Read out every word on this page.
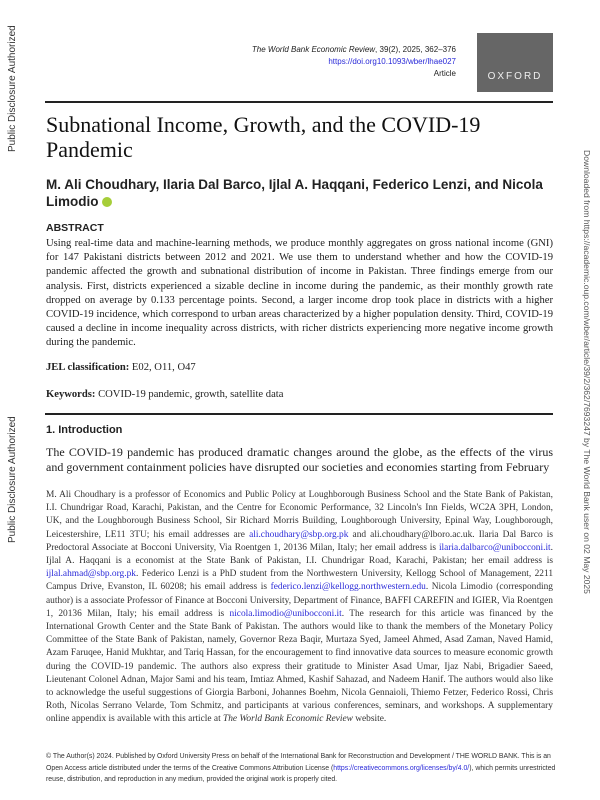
Public Disclosure Authorized
Public Disclosure Authorized	Downloaded from https://academic.oup.com/wber/article/39/2/362/7693247 by The World Bank user on 02 May 2025
The World Bank Economic Review, 39(2), 2025, 362–376
https://doi.org10.1093/wber/lhae027
Article	OXFORD
Subnational Income, Growth, and the COVID-19 Pandemic
M. Ali Choudhary, Ilaria Dal Barco, Ijlal A. Haqqani, Federico Lenzi, and Nicola Limodio
ABSTRACT
Using real-time data and machine-learning methods, we produce monthly aggregates on gross national income (GNI) for 147 Pakistani districts between 2012 and 2021. We use them to understand whether and how the COVID-19 pandemic affected the growth and subnational distribution of income in Pakistan. Three findings emerge from our analysis. First, districts experienced a sizable decline in income during the pandemic, as their monthly growth rate dropped on average by 0.133 percentage points. Second, a larger income drop took place in districts with a higher COVID-19 incidence, which correspond to urban areas characterized by a higher population density. Third, COVID-19 caused a decline in income inequality across districts, with richer districts experiencing more negative income growth during the pandemic.
JEL classification: E02, O11, O47
Keywords: COVID-19 pandemic, growth, satellite data
1. Introduction
The COVID-19 pandemic has produced dramatic changes around the globe, as the effects of the virus and government containment policies have disrupted our societies and economies starting from February
M. Ali Choudhary is a professor of Economics and Public Policy at Loughborough Business School and the State Bank of Pakistan, I.I. Chundrigar Road, Karachi, Pakistan, and the Centre for Economic Performance, 32 Lincoln's Inn Fields, WC2A 3PH, London, UK, and the Loughborough Business School, Sir Richard Morris Building, Loughborough University, Epinal Way, Loughborough, Leicestershire, LE11 3TU; his email addresses are ali.choudhary@sbp.org.pk and ali.choudhary@lboro.ac.uk. Ilaria Dal Barco is Predoctoral Associate at Bocconi University, Via Roentgen 1, 20136 Milan, Italy; her email address is ilaria.dalbarco@unibocconi.it. Ijlal A. Haqqani is a economist at the State Bank of Pakistan, I.I. Chundrigar Road, Karachi, Pakistan; her email address is ijlal.ahmad@sbp.org.pk. Federico Lenzi is a PhD student from the Northwestern University, Kellogg School of Management, 2211 Campus Drive, Evanston, IL 60208; his email address is federico.lenzi@kellogg.northwestern.edu. Nicola Limodio (corresponding author) is a associate Professor of Finance at Bocconi University, Department of Finance, BAFFI CAREFIN and IGIER, Via Roentgen 1, 20136 Milan, Italy; his email address is nicola.limodio@unibocconi.it. The research for this article was financed by the International Growth Center and the State Bank of Pakistan. The authors would like to thank the members of the Monetary Policy Committee of the State Bank of Pakistan, namely, Governor Reza Baqir, Murtaza Syed, Jameel Ahmed, Asad Zaman, Naved Hamid, Azam Faruqee, Hanid Mukhtar, and Tariq Hassan, for the encouragement to find innovative data sources to measure economic growth during the COVID-19 pandemic. The authors also express their gratitude to Minister Asad Umar, Ijaz Nabi, Brigadier Saeed, Lieutenant Colonel Adnan, Major Sami and his team, Imtiaz Ahmed, Kashif Sahazad, and Nadeem Hanif. The authors would also like to acknowledge the useful suggestions of Giorgia Barboni, Johannes Boehm, Nicola Gennaioli, Thiemo Fetzer, Federico Rossi, Chris Roth, Nicolas Serrano Velarde, Tom Schmitz, and participants at various conferences, seminars, and workshops. A supplementary online appendix is available with this article at The World Bank Economic Review website.
© The Author(s) 2024. Published by Oxford University Press on behalf of the International Bank for Reconstruction and Development / THE WORLD BANK. This is an Open Access article distributed under the terms of the Creative Commons Attribution License (https://creativecommons.org/licenses/by/4.0/), which permits unrestricted reuse, distribution, and reproduction in any medium, provided the original work is properly cited.
